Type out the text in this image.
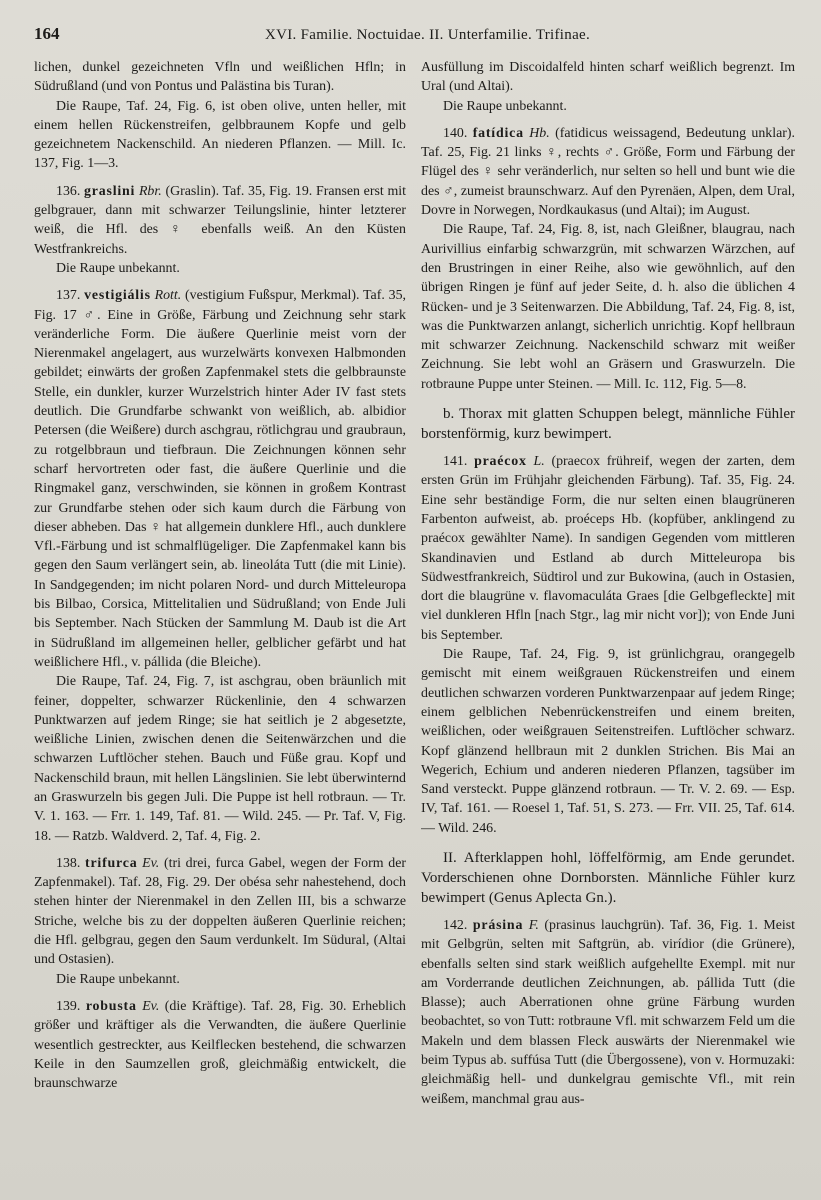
164	XVI. Familie. Noctuidae. II. Unterfamilie. Trifinae.

lichen, dunkel gezeichneten Vfln und weißlichen Hfln; in Südrußland (und von Pontus und Palästina bis Turan).

Die Raupe, Taf. 24, Fig. 6, ist oben olive, unten heller, mit einem hellen Rückenstreifen, gelbbraunem Kopfe und gelb gezeichnetem Nackenschild. An niederen Pflanzen. — Mill. Ic. 137, Fig. 1—3.

136. graslini Rbr. (Graslin). Taf. 35, Fig. 19. Fransen erst mit gelbgrauer, dann mit schwarzer Teilungslinie, hinter letzterer weiß, die Hfl. des ♀ ebenfalls weiß. An den Küsten Westfrankreichs.

Die Raupe unbekannt.

137. vestigiális Rott. (vestigium Fußspur, Merkmal). Taf. 35, Fig. 17 ♂. Eine in Größe, Färbung und Zeichnung sehr stark veränderliche Form. Die äußere Querlinie meist vorn der Nierenmakel angelagert, aus wurzelwärts konvexen Halbmonden gebildet; einwärts der großen Zapfenmakel stets die gelbbraunste Stelle, ein dunkler, kurzer Wurzelstrich hinter Ader IV fast stets deutlich. Die Grundfarbe schwankt von weißlich, ab. albidior Petersen (die Weißere) durch aschgrau, rötlichgrau und graubraun, zu rotgelbbraun und tiefbraun. Die Zeichnungen können sehr scharf hervortreten oder fast, die äußere Querlinie und die Ringmakel ganz, verschwinden, sie können in großem Kontrast zur Grundfarbe stehen oder sich kaum durch die Färbung von dieser abheben. Das ♀ hat allgemein dunklere Hfl., auch dunklere Vfl.-Färbung und ist schmalflügeliger. Die Zapfenmakel kann bis gegen den Saum verlängert sein, ab. lineoláta Tutt (die mit Linie). In Sandgegenden; im nicht polaren Nord- und durch Mitteleuropa bis Bilbao, Corsica, Mittelitalien und Südrußland; von Ende Juli bis September. Nach Stücken der Sammlung M. Daub ist die Art in Südrußland im allgemeinen heller, gelblicher gefärbt und hat weißlichere Hfl., v. pállida (die Bleiche).

Die Raupe, Taf. 24, Fig. 7, ist aschgrau, oben bräunlich mit feiner, doppelter, schwarzer Rückenlinie, den 4 schwarzen Punktwarzen auf jedem Ringe; sie hat seitlich je 2 abgesetzte, weißliche Linien, zwischen denen die Seitenwärzchen und die schwarzen Luftlöcher stehen. Bauch und Füße grau. Kopf und Nackenschild braun, mit hellen Längslinien. Sie lebt überwinternd an Graswurzeln bis gegen Juli. Die Puppe ist hell rotbraun. — Tr. V. 1. 163. — Frr. 1. 149, Taf. 81. — Wild. 245. — Pr. Taf. V, Fig. 18. — Ratzb. Waldverd. 2, Taf. 4, Fig. 2.

138. trifurca Ev. (tri drei, furca Gabel, wegen der Form der Zapfenmakel). Taf. 28, Fig. 29. Der obésa sehr nahestehend, doch stehen hinter der Nierenmakel in den Zellen III, bis a schwarze Striche, welche bis zu der doppelten äußeren Querlinie reichen; die Hfl. gelbgrau, gegen den Saum verdunkelt. Im Südural, (Altai und Ostasien).

Die Raupe unbekannt.

139. robusta Ev. (die Kräftige). Taf. 28, Fig. 30. Erheblich größer und kräftiger als die Verwandten, die äußere Querlinie wesentlich gestreckter, aus Keilflecken bestehend, die schwarzen Keile in den Saumzellen groß, gleichmäßig entwickelt, die braunschwarze

Ausfüllung im Discoidalfeld hinten scharf weißlich begrenzt. Im Ural (und Altai).

Die Raupe unbekannt.

140. fatídica Hb. (fatidicus weissagend, Bedeutung unklar). Taf. 25, Fig. 21 links ♀, rechts ♂. Größe, Form und Färbung der Flügel des ♀ sehr veränderlich, nur selten so hell und bunt wie die des ♂, zumeist braunschwarz. Auf den Pyrenäen, Alpen, dem Ural, Dovre in Norwegen, Nordkaukasus (und Altai); im August.

Die Raupe, Taf. 24, Fig. 8, ist, nach Gleißner, blaugrau, nach Aurivillius einfarbig schwarzgrün, mit schwarzen Wärzchen, auf den Brustringen in einer Reihe, also wie gewöhnlich, auf den übrigen Ringen je fünf auf jeder Seite, d. h. also die üblichen 4 Rücken- und je 3 Seitenwarzen. Die Abbildung, Taf. 24, Fig. 8, ist, was die Punktwarzen anlangt, sicherlich unrichtig. Kopf hellbraun mit schwarzer Zeichnung. Nackenschild schwarz mit weißer Zeichnung. Sie lebt wohl an Gräsern und Graswurzeln. Die rotbraune Puppe unter Steinen. — Mill. Ic. 112, Fig. 5—8.

b. Thorax mit glatten Schuppen belegt, männliche Fühler borstenförmig, kurz bewimpert.

141. praécox L. (praecox frühreif, wegen der zarten, dem ersten Grün im Frühjahr gleichenden Färbung). Taf. 35, Fig. 24. Eine sehr beständige Form, die nur selten einen blaugrüneren Farbenton aufweist, ab. proéceps Hb. (kopfüber, anklingend zu praécox gewählter Name). In sandigen Gegenden vom mittleren Skandinavien und Estland ab durch Mitteleuropa bis Südwestfrankreich, Südtirol und zur Bukowina, (auch in Ostasien, dort die blaugrüne v. flavomaculáta Graes [die Gelbgefleckte] mit viel dunkleren Hfln [nach Stgr., lag mir nicht vor]); von Ende Juni bis September.

Die Raupe, Taf. 24, Fig. 9, ist grünlichgrau, orangegelb gemischt mit einem weißgrauen Rückenstreifen und einem deutlichen schwarzen vorderen Punktwarzenpaar auf jedem Ringe; einem gelblichen Nebenrückenstreifen und einem breiten, weißlichen, oder weißgrauen Seitenstreifen. Luftlöcher schwarz. Kopf glänzend hellbraun mit 2 dunklen Strichen. Bis Mai an Wegerich, Echium und anderen niederen Pflanzen, tagsüber im Sand versteckt. Puppe glänzend rotbraun. — Tr. V. 2. 69. — Esp. IV, Taf. 161. — Roesel 1, Taf. 51, S. 273. — Frr. VII. 25, Taf. 614. — Wild. 246.

II. Afterklappen hohl, löffelförmig, am Ende gerundet. Vorderschienen ohne Dornborsten. Männliche Fühler kurz bewimpert (Genus Aplecta Gn.).

142. prásina F. (prasinus lauchgrün). Taf. 36, Fig. 1. Meist mit Gelbgrün, selten mit Saftgrün, ab. virídior (die Grünere), ebenfalls selten sind stark weißlich aufgehellte Exempl. mit nur am Vorderrande deutlichen Zeichnungen, ab. pállida Tutt (die Blasse); auch Aberrationen ohne grüne Färbung wurden beobachtet, so von Tutt: rotbraune Vfl. mit schwarzem Feld um die Makeln und dem blassen Fleck auswärts der Nierenmakel wie beim Typus ab. suffúsa Tutt (die Übergossene), von v. Hormuzaki: gleichmäßig hell- und dunkelgrau gemischte Vfl., mit rein weißem, manchmal grau aus-
